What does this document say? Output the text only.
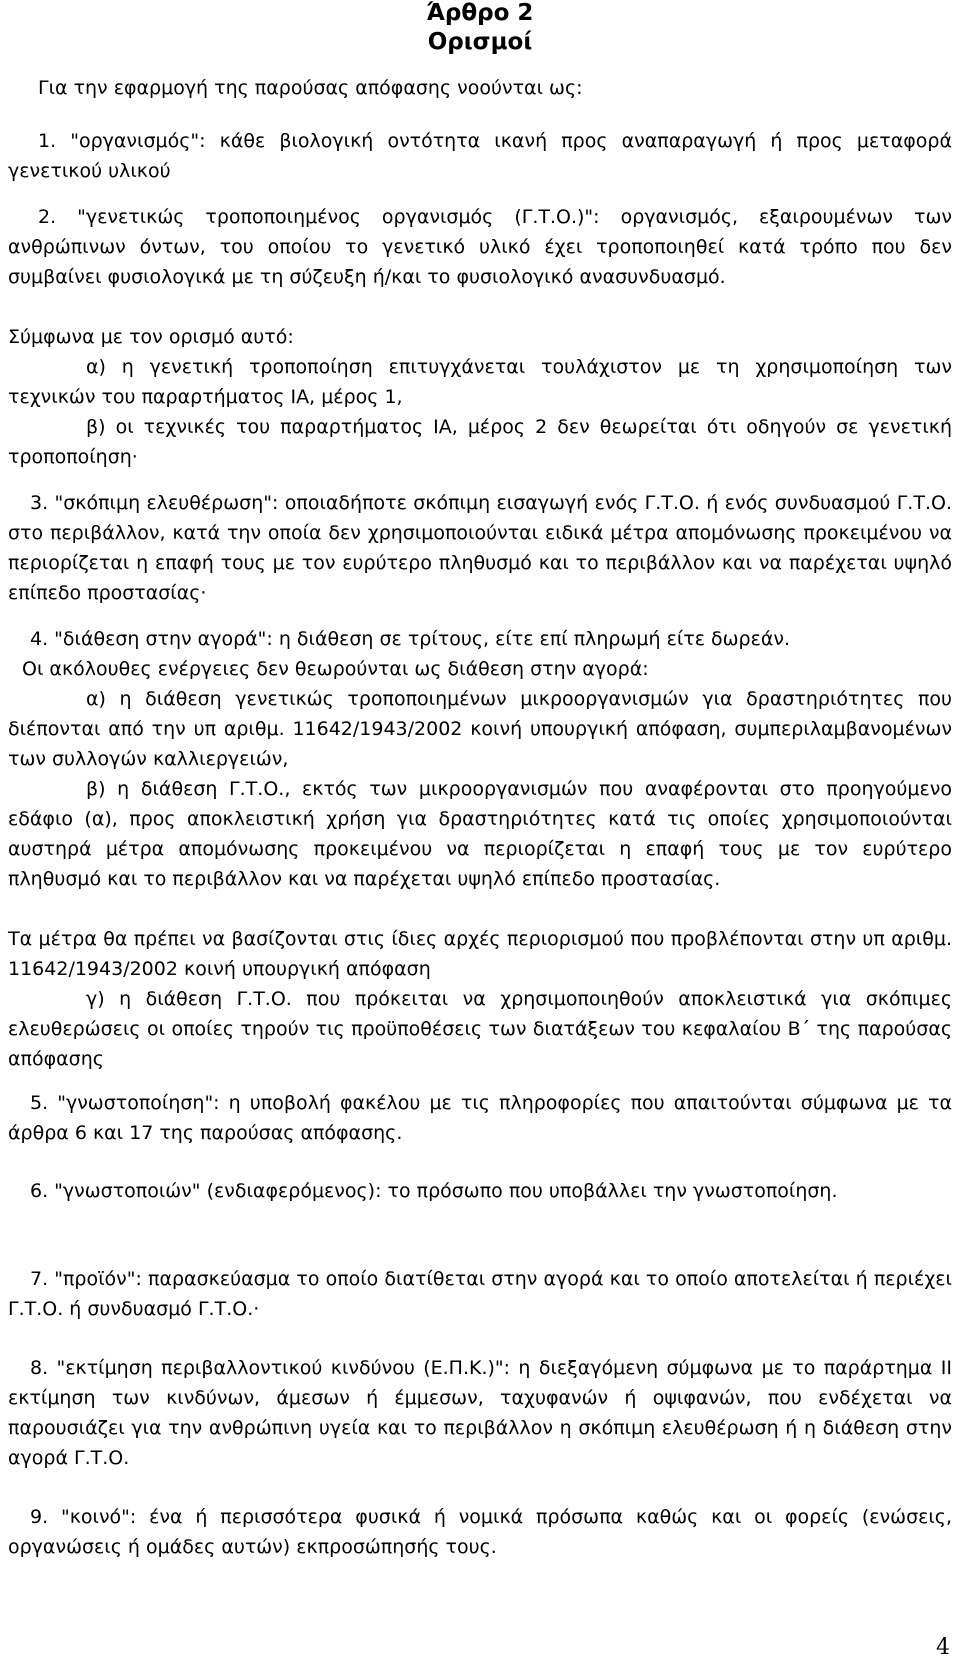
Άρθρο 2
Ορισμοί

Για την εφαρμογή της παρούσας απόφασης νοούνται ως:

1. "οργανισμός": κάθε βιολογική οντότητα ικανή προς αναπαραγωγή ή προς μεταφορά γενετικού υλικού

2. "γενετικώς τροποποιημένος οργανισμός (Γ.Τ.Ο.)": οργανισμός, εξαιρουμένων των ανθρώπινων όντων, του οποίου το γενετικό υλικό έχει τροποποιηθεί κατά τρόπο που δεν συμβαίνει φυσιολογικά με τη σύζευξη ή/και το φυσιολογικό ανασυνδυασμό.

Σύμφωνα με τον ορισμό αυτό:

α) η γενετική τροποποίηση επιτυγχάνεται τουλάχιστον με τη χρησιμοποίηση των τεχνικών του παραρτήματος ΙΑ, μέρος 1,

β) οι τεχνικές του παραρτήματος ΙΑ, μέρος 2 δεν θεωρείται ότι οδηγούν σε γενετική τροποποίηση·

3. "σκόπιμη ελευθέρωση": οποιαδήποτε σκόπιμη εισαγωγή ενός Γ.Τ.Ο. ή ενός συνδυασμού Γ.Τ.Ο. στο περιβάλλον, κατά την οποία δεν χρησιμοποιούνται ειδικά μέτρα απομόνωσης προκειμένου να περιορίζεται η επαφή τους με τον ευρύτερο πληθυσμό και το περιβάλλον και να παρέχεται υψηλό επίπεδο προστασίας·

4. "διάθεση στην αγορά": η διάθεση σε τρίτους, είτε επί πληρωμή είτε δωρεάν.

Οι ακόλουθες ενέργειες δεν θεωρούνται ως διάθεση στην αγορά:

α) η διάθεση γενετικώς τροποποιημένων μικροοργανισμών για δραστηριότητες που διέπονται από την υπ αριθμ. 11642/1943/2002 κοινή υπουργική απόφαση, συμπεριλαμβανομένων των συλλογών καλλιεργειών,

β) η διάθεση Γ.Τ.Ο., εκτός των μικροοργανισμών που αναφέρονται στο προηγούμενο εδάφιο (α), προς αποκλειστική χρήση για δραστηριότητες κατά τις οποίες χρησιμοποιούνται αυστηρά μέτρα απομόνωσης προκειμένου να περιορίζεται η επαφή τους με τον ευρύτερο πληθυσμό και το περιβάλλον και να παρέχεται υψηλό επίπεδο προστασίας.

Τα μέτρα θα πρέπει να βασίζονται στις ίδιες αρχές περιορισμού που προβλέπονται στην υπ αριθμ. 11642/1943/2002 κοινή υπουργική απόφαση

γ) η διάθεση Γ.Τ.Ο. που πρόκειται να χρησιμοποιηθούν αποκλειστικά για σκόπιμες ελευθερώσεις οι οποίες τηρούν τις προϋποθέσεις των διατάξεων του κεφαλαίου Β΄ της παρούσας απόφασης

5. "γνωστοποίηση": η υποβολή φακέλου με τις πληροφορίες που απαιτούνται σύμφωνα με τα άρθρα 6 και 17 της παρούσας απόφασης.

6. "γνωστοποιών" (ενδιαφερόμενος): το πρόσωπο που υποβάλλει την γνωστοποίηση.

7. "προϊόν": παρασκεύασμα το οποίο διατίθεται στην αγορά και το οποίο αποτελείται ή περιέχει Γ.Τ.Ο. ή συνδυασμό Γ.Τ.Ο.·

8. "εκτίμηση περιβαλλοντικού κινδύνου (Ε.Π.Κ.)": η διεξαγόμενη σύμφωνα με το παράρτημα ΙΙ εκτίμηση των κινδύνων, άμεσων ή έμμεσων, ταχυφανών ή οψιφανών, που ενδέχεται να παρουσιάζει για την ανθρώπινη υγεία και το περιβάλλον η σκόπιμη ελευθέρωση ή η διάθεση στην αγορά Γ.Τ.Ο.

9. "κοινό": ένα ή περισσότερα φυσικά ή νομικά πρόσωπα καθώς και οι φορείς (ενώσεις, οργανώσεις ή ομάδες αυτών) εκπροσώπησής τους.

4
